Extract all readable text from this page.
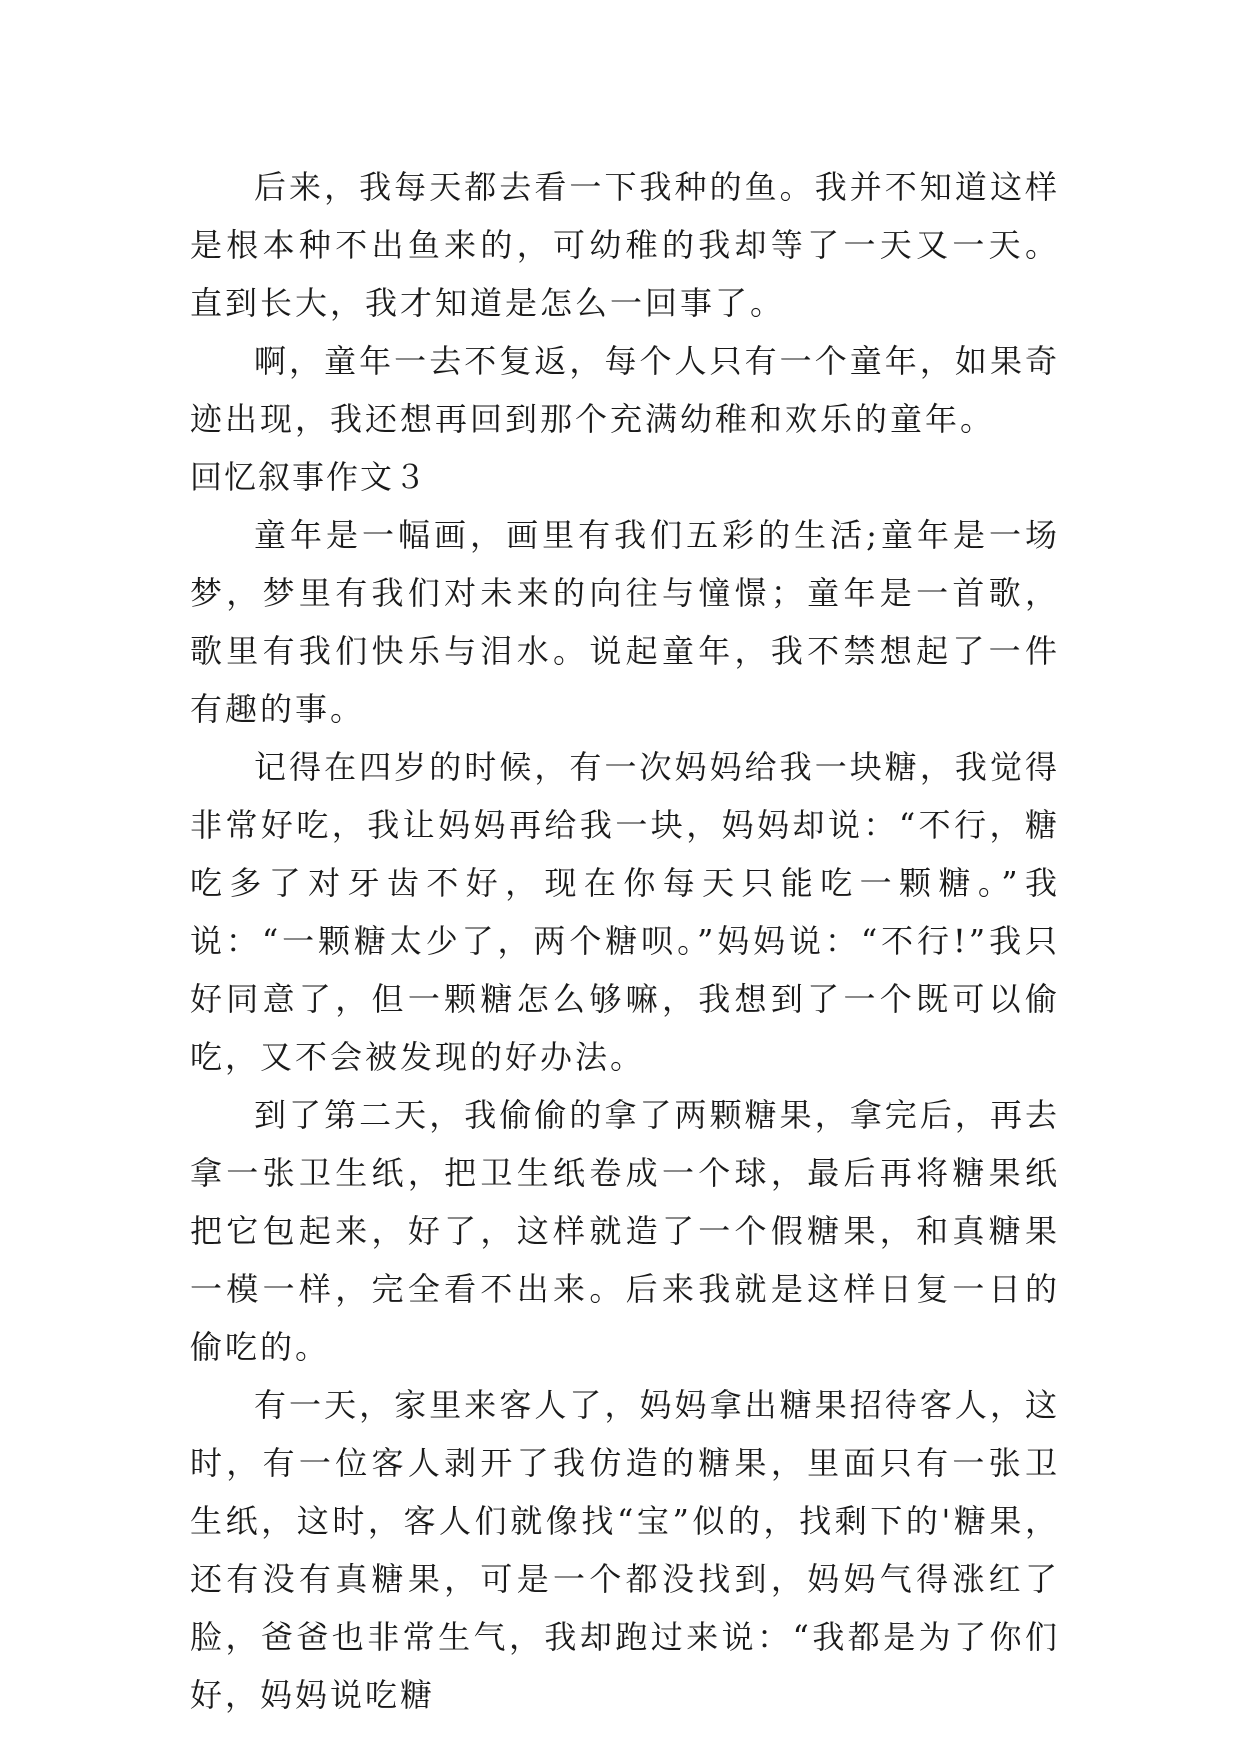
后来，我每天都去看一下我种的鱼。我并不知道这样是根本种不出鱼来的，可幼稚的我却等了一天又一天。直到长大，我才知道是怎么一回事了。

啊，童年一去不复返，每个人只有一个童年，如果奇迹出现，我还想再回到那个充满幼稚和欢乐的童年。

回忆叙事作文３

童年是一幅画，画里有我们五彩的生活;童年是一场梦，梦里有我们对未来的向往与憧憬；童年是一首歌，歌里有我们快乐与泪水。说起童年，我不禁想起了一件有趣的事。

记得在四岁的时候，有一次妈妈给我一块糖，我觉得非常好吃，我让妈妈再给我一块，妈妈却说：“不行，糖吃多了对牙齿不好，现在你每天只能吃一颗糖。”我说：“一颗糖太少了，两个糖呗。”妈妈说：“不行!”我只好同意了，但一颗糖怎么够嘛，我想到了一个既可以偷吃，又不会被发现的好办法。

到了第二天，我偷偷的拿了两颗糖果，拿完后，再去拿一张卫生纸，把卫生纸卷成一个球，最后再将糖果纸把它包起来，好了，这样就造了一个假糖果，和真糖果一模一样，完全看不出来。后来我就是这样日复一日的偷吃的。

有一天，家里来客人了，妈妈拿出糖果招待客人，这时，有一位客人剥开了我仿造的糖果，里面只有一张卫生纸，这时，客人们就像找“宝”似的，找剩下的'糖果，还有没有真糖果，可是一个都没找到，妈妈气得涨红了脸，爸爸也非常生气，我却跑过来说：“我都是为了你们好，妈妈说吃糖
